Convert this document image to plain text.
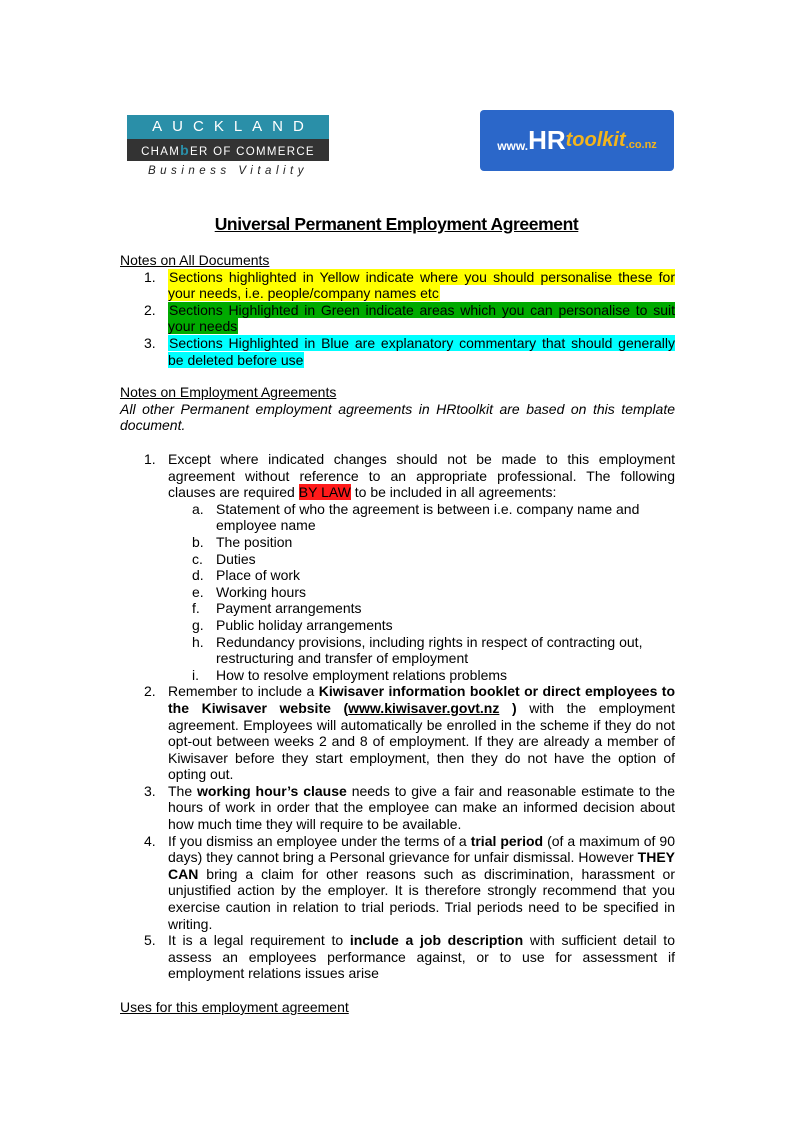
AUCKLAND
CHAMbER OF COMMERCE
Business Vitality
www. HR toolkit .co.nz
Universal Permanent Employment Agreement
Notes on All Documents
1. Sections highlighted in Yellow indicate where you should personalise these for your needs, i.e. people/company names etc
2. Sections Highlighted in Green indicate areas which you can personalise to suit your needs
3. Sections Highlighted in Blue are explanatory commentary that should generally be deleted before use
Notes on Employment Agreements
All other Permanent employment agreements in HRtoolkit are based on this template document.
1. Except where indicated changes should not be made to this employment agreement without reference to an appropriate professional. The following clauses are required BY LAW to be included in all agreements:
a. Statement of who the agreement is between i.e. company name and employee name
b. The position
c. Duties
d. Place of work
e. Working hours
f. Payment arrangements
g. Public holiday arrangements
h. Redundancy provisions, including rights in respect of contracting out, restructuring and transfer of employment
i. How to resolve employment relations problems
2. Remember to include a Kiwisaver information booklet or direct employees to the Kiwisaver website (www.kiwisaver.govt.nz ) with the employment agreement. Employees will automatically be enrolled in the scheme if they do not opt-out between weeks 2 and 8 of employment. If they are already a member of Kiwisaver before they start employment, then they do not have the option of opting out.
3. The working hour’s clause needs to give a fair and reasonable estimate to the hours of work in order that the employee can make an informed decision about how much time they will require to be available.
4. If you dismiss an employee under the terms of a trial period (of a maximum of 90 days) they cannot bring a Personal grievance for unfair dismissal. However THEY CAN bring a claim for other reasons such as discrimination, harassment or unjustified action by the employer. It is therefore strongly recommend that you exercise caution in relation to trial periods. Trial periods need to be specified in writing.
5. It is a legal requirement to include a job description with sufficient detail to assess an employees performance against, or to use for assessment if employment relations issues arise
Uses for this employment agreement
